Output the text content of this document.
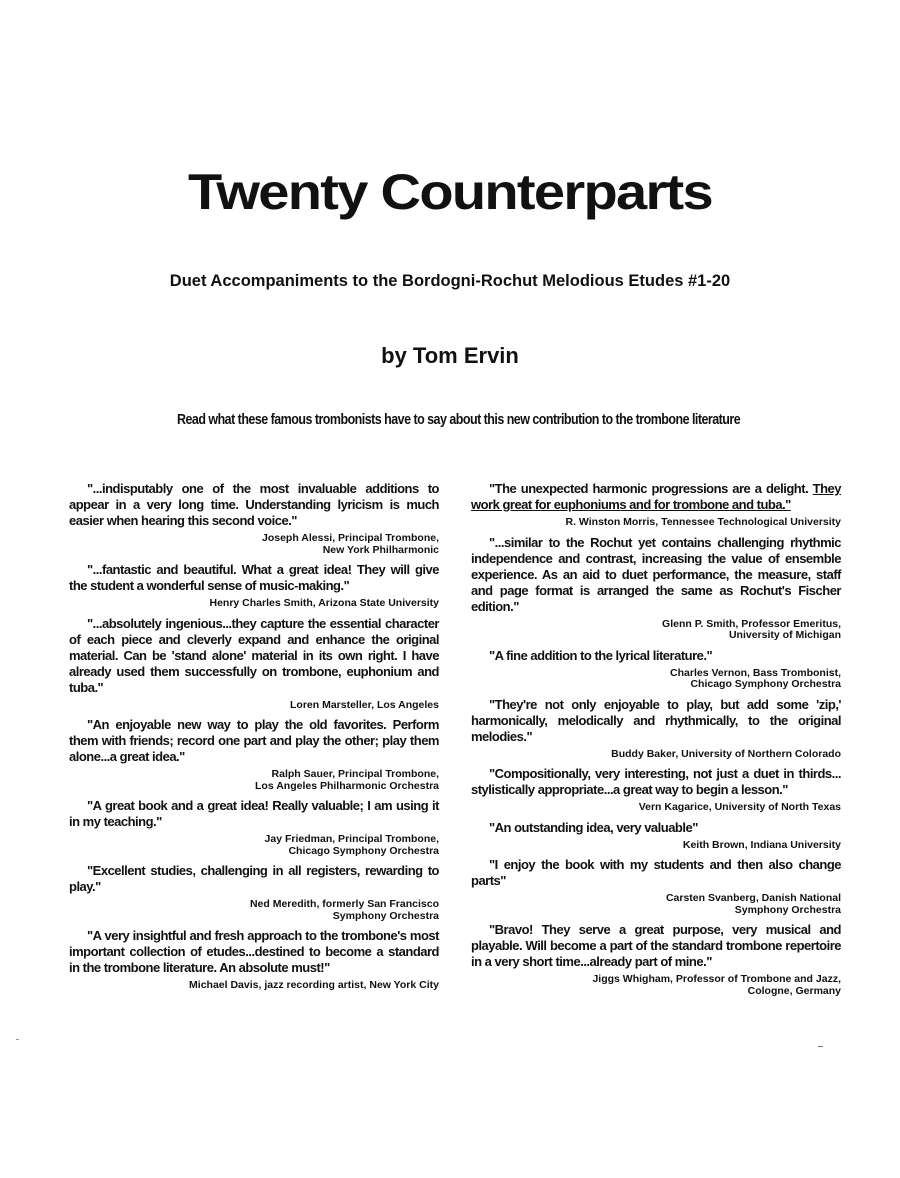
Twenty Counterparts

Duet Accompaniments to the Bordogni-Rochut Melodious Etudes #1-20

by Tom Ervin

Read what these famous trombonists have to say about this new contribution to the trombone literature

"...indisputably one of the most invaluable additions to appear in a very long time. Understanding lyricism is much easier when hearing this second voice."

Joseph Alessi, Principal Trombone,
New York Philharmonic

"...fantastic and beautiful. What a great idea! They will give the student a wonderful sense of music-making."

Henry Charles Smith, Arizona State University

"...absolutely ingenious...they capture the essential character of each piece and cleverly expand and enhance the original material. Can be 'stand alone' material in its own right. I have already used them successfully on trombone, euphonium and tuba."

Loren Marsteller, Los Angeles

"An enjoyable new way to play the old favorites. Perform them with friends; record one part and play the other; play them alone...a great idea."

Ralph Sauer, Principal Trombone,
Los Angeles Philharmonic Orchestra

"A great book and a great idea! Really valuable; I am using it in my teaching."

Jay Friedman, Principal Trombone,
Chicago Symphony Orchestra

"Excellent studies, challenging in all registers, rewarding to play."

Ned Meredith, formerly San Francisco
Symphony Orchestra

"A very insightful and fresh approach to the trombone's most important collection of etudes...destined to become a standard in the trombone literature. An absolute must!"

Michael Davis, jazz recording artist, New York City

"The unexpected harmonic progressions are a delight. They work great for euphoniums and for trombone and tuba."

R. Winston Morris, Tennessee Technological University

"...similar to the Rochut yet contains challenging rhythmic independence and contrast, increasing the value of ensemble experience. As an aid to duet performance, the measure, staff and page format is arranged the same as Rochut's Fischer edition."

Glenn P. Smith, Professor Emeritus,
University of Michigan

"A fine addition to the lyrical literature."

Charles Vernon, Bass Trombonist,
Chicago Symphony Orchestra

"They're not only enjoyable to play, but add some 'zip,' harmonically, melodically and rhythmically, to the original melodies."

Buddy Baker, University of Northern Colorado

"Compositionally, very interesting, not just a duet in thirds... stylistically appropriate...a great way to begin a lesson."

Vern Kagarice, University of North Texas

"An outstanding idea, very valuable"

Keith Brown, Indiana University

"I enjoy the book with my students and then also change parts"

Carsten Svanberg, Danish National
Symphony Orchestra

"Bravo! They serve a great purpose, very musical and playable. Will become a part of the standard trombone repertoire in a very short time...already part of mine."

Jiggs Whigham, Professor of Trombone and Jazz,
Cologne, Germany
